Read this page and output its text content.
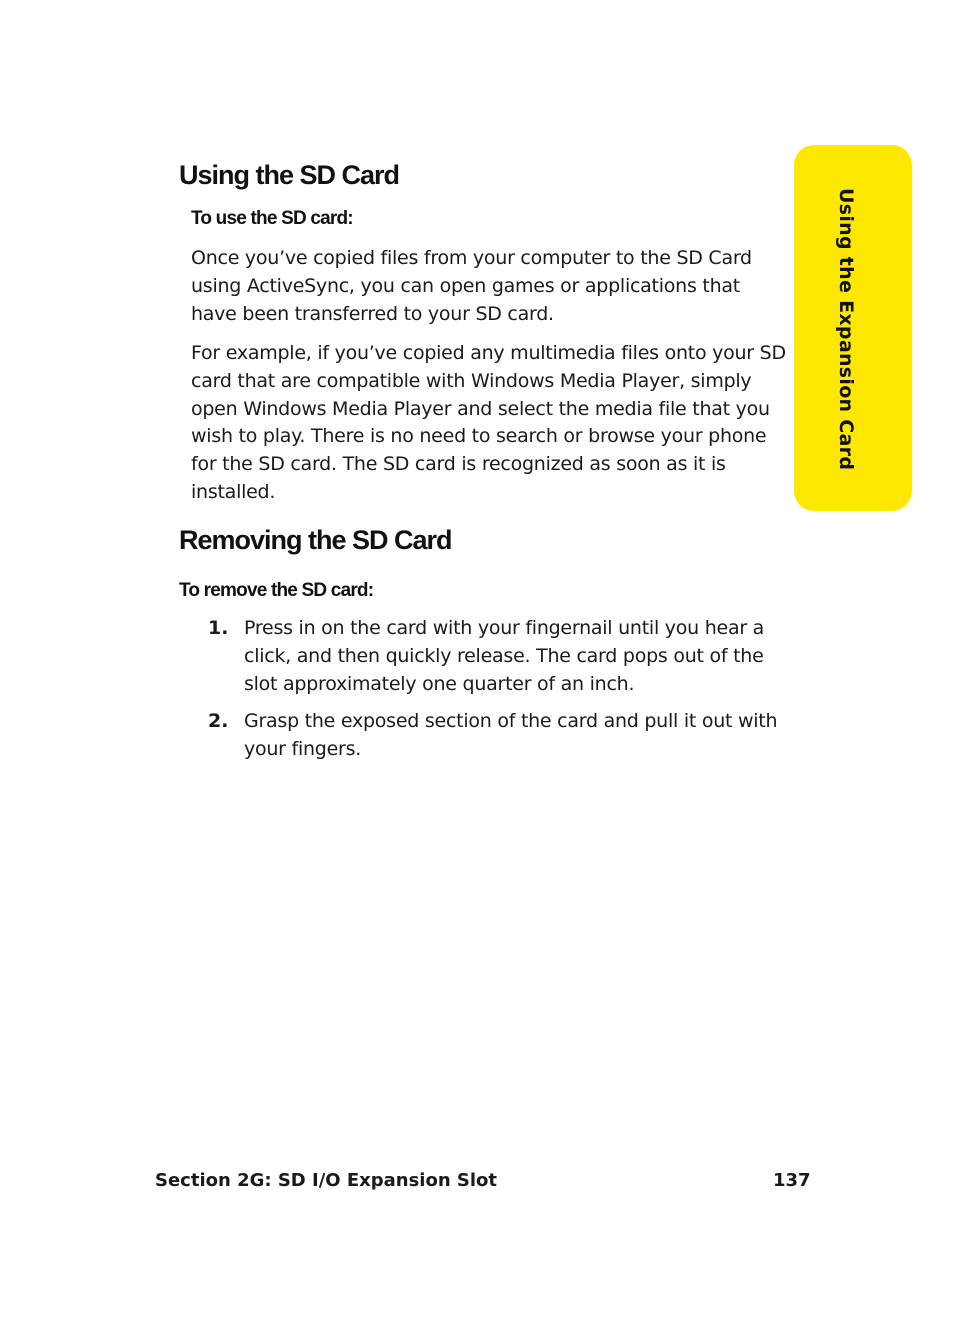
Using the Expansion Card
Using the SD Card
To use the SD card:

Once you’ve copied files from your computer to the SD Card using ActiveSync, you can open games or applications that have been transferred to your SD card.

For example, if you’ve copied any multimedia files onto your SD card that are compatible with Windows Media Player, simply open Windows Media Player and select the media file that you wish to play. There is no need to search or browse your phone for the SD card. The SD card is recognized as soon as it is installed.

Removing the SD Card
To remove the SD card:
1. Press in on the card with your fingernail until you hear a click, and then quickly release. The card pops out of the slot approximately one quarter of an inch.

2. Grasp the exposed section of the card and pull it out with your fingers.

Section 2G: SD I/O Expansion Slot	137
